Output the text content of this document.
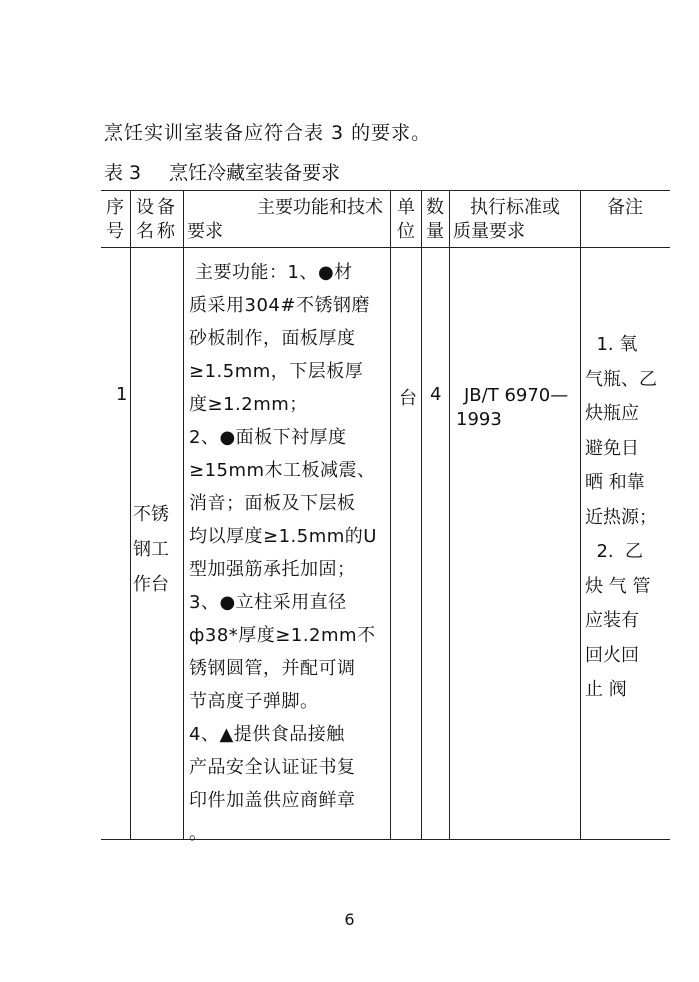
烹饪实训室装备应符合表 3 的要求。
表 3 烹饪冷藏室装备要求
序
号
设备
名称
主要功能和技术
要求
单
位
数
量
执行标准或
质量要求
备注
1
不锈
钢工
作台
主要功能：1、●材
质采用304#不锈钢磨
砂板制作，面板厚度
≥1.5mm，下层板厚
度≥1.2mm；
2、●面板下衬厚度
≥15mm木工板减震、
消音；面板及下层板
均以厚度≥1.5mm的U
型加强筋承托加固；
3、●立柱采用直径
ф38*厚度≥1.2mm不
锈钢圆管，并配可调
节高度子弹脚。
4、▲提供食品接触
产品安全认证证书复
印件加盖供应商鲜章
。
台 4	JB/T 6970—
1993
1. 氧
气瓶、乙
炔瓶应
避免日
晒 和靠
近热源；
2.  乙
炔 气 管
应装有
回火回
止 阀
6
